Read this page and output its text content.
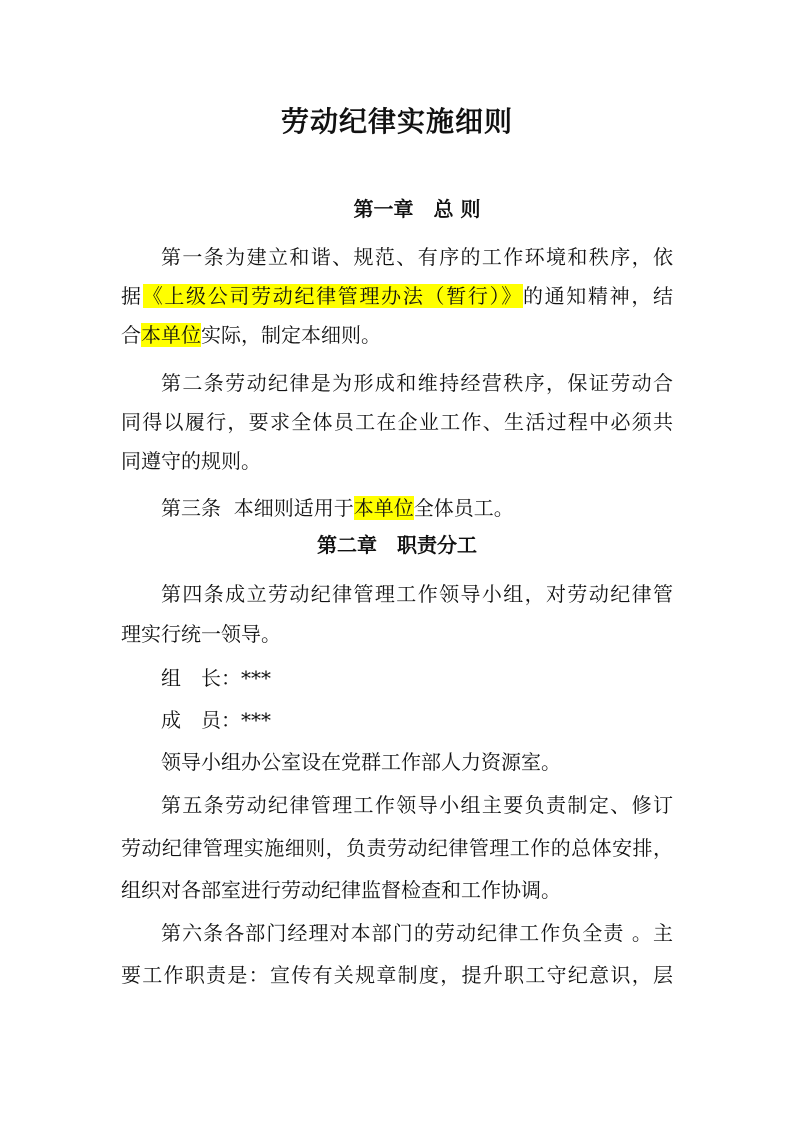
劳动纪律实施细则
第一章　总 则
第一条为建立和谐、规范、有序的工作环境和秩序，依
据《上级公司劳动纪律管理办法（暂行）》的通知精神，结
合本单位实际，制定本细则。
第二条劳动纪律是为形成和维持经营秩序，保证劳动合
同得以履行，要求全体员工在企业工作、生活过程中必须共
同遵守的规则。
第三条  本细则适用于本单位全体员工。
第二章　职责分工
第四条成立劳动纪律管理工作领导小组，对劳动纪律管
理实行统一领导。
组　长：***
成　员：***
领导小组办公室设在党群工作部人力资源室。
第五条劳动纪律管理工作领导小组主要负责制定、修订
劳动纪律管理实施细则，负责劳动纪律管理工作的总体安排，
组织对各部室进行劳动纪律监督检查和工作协调。
第六条各部门经理对本部门的劳动纪律工作负全责 。主
要工作职责是：宣传有关规章制度，提升职工守纪意识，层
